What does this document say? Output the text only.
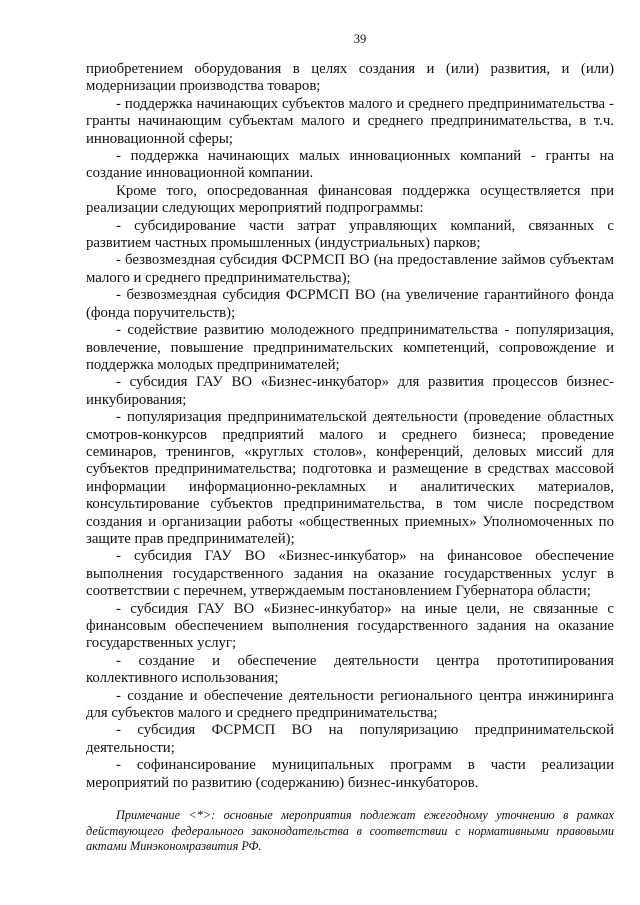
39

приобретением оборудования в целях создания и (или) развития, и (или) модернизации производства товаров;

- поддержка начинающих субъектов малого и среднего предпринимательства - гранты начинающим субъектам малого и среднего предпринимательства, в т.ч. инновационной сферы;

- поддержка начинающих малых инновационных компаний - гранты на создание инновационной компании.

Кроме того, опосредованная финансовая поддержка осуществляется при реализации следующих мероприятий подпрограммы:

- субсидирование части затрат управляющих компаний, связанных с развитием частных промышленных (индустриальных) парков;

- безвозмездная субсидия ФСРМСП ВО (на предоставление займов субъектам малого и среднего предпринимательства);

- безвозмездная субсидия ФСРМСП ВО (на увеличение гарантийного фонда (фонда поручительств);

- содействие развитию молодежного предпринимательства - популяризация, вовлечение, повышение предпринимательских компетенций, сопровождение и поддержка молодых предпринимателей;

- субсидия ГАУ ВО «Бизнес-инкубатор» для развития процессов бизнес-инкубирования;

- популяризация предпринимательской деятельности (проведение областных смотров-конкурсов предприятий малого и среднего бизнеса; проведение семинаров, тренингов, «круглых столов», конференций, деловых миссий для субъектов предпринимательства; подготовка и размещение в средствах массовой информации информационно-рекламных и аналитических материалов, консультирование субъектов предпринимательства, в том числе посредством создания и организации работы «общественных приемных» Уполномоченных по защите прав предпринимателей);

- субсидия ГАУ ВО «Бизнес-инкубатор» на финансовое обеспечение выполнения государственного задания на оказание государственных услуг в соответствии с перечнем, утверждаемым постановлением Губернатора области;

- субсидия ГАУ ВО «Бизнес-инкубатор» на иные цели, не связанные с финансовым обеспечением выполнения государственного задания на оказание государственных услуг;

- создание и обеспечение деятельности центра прототипирования коллективного использования;

- создание и обеспечение деятельности регионального центра инжиниринга для субъектов малого и среднего предпринимательства;

- субсидия ФСРМСП ВО на популяризацию предпринимательской деятельности;

- софинансирование муниципальных программ в части реализации мероприятий по развитию (содержанию) бизнес-инкубаторов.

Примечание <*>: основные мероприятия подлежат ежегодному уточнению в рамках действующего федерального законодательства в соответствии с нормативными правовыми актами Минэкономразвития РФ.
